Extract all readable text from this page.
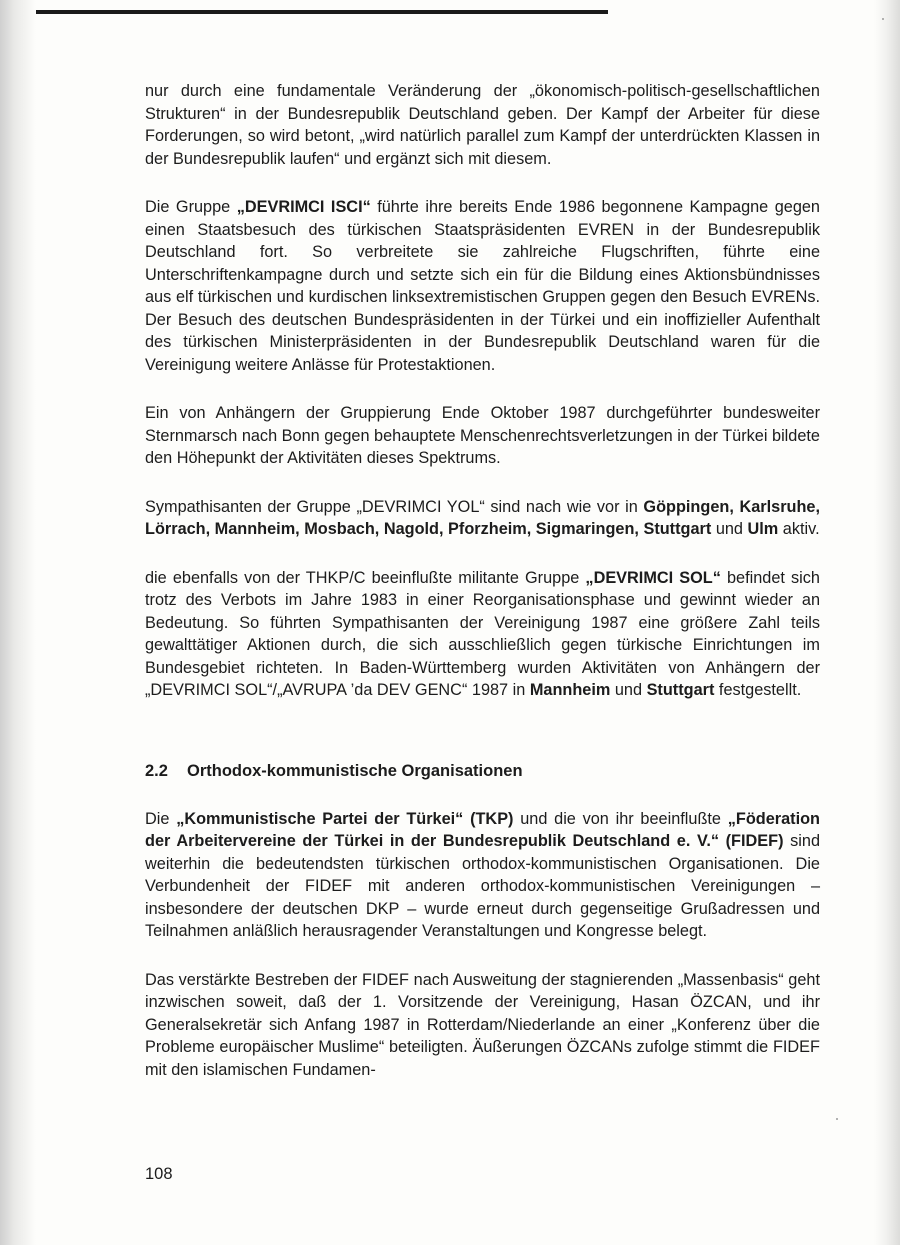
nur durch eine fundamentale Veränderung der „ökonomisch-politisch-gesellschaftlichen Strukturen“ in der Bundesrepublik Deutschland geben. Der Kampf der Arbeiter für diese Forderungen, so wird betont, „wird natürlich parallel zum Kampf der unterdrückten Klassen in der Bundesrepublik laufen“ und ergänzt sich mit diesem.

Die Gruppe „DEVRIMCI ISCI“ führte ihre bereits Ende 1986 begonnene Kampagne gegen einen Staatsbesuch des türkischen Staatspräsidenten EVREN in der Bundesrepublik Deutschland fort. So verbreitete sie zahlreiche Flugschriften, führte eine Unterschriftenkampagne durch und setzte sich ein für die Bildung eines Aktionsbündnisses aus elf türkischen und kurdischen linksextremistischen Gruppen gegen den Besuch EVRENs. Der Besuch des deutschen Bundespräsidenten in der Türkei und ein inoffizieller Aufenthalt des türkischen Ministerpräsidenten in der Bundesrepublik Deutschland waren für die Vereinigung weitere Anlässe für Protestaktionen.

Ein von Anhängern der Gruppierung Ende Oktober 1987 durchgeführter bundesweiter Sternmarsch nach Bonn gegen behauptete Menschenrechtsverletzungen in der Türkei bildete den Höhepunkt der Aktivitäten dieses Spektrums.

Sympathisanten der Gruppe „DEVRIMCI YOL“ sind nach wie vor in Göppingen, Karlsruhe, Lörrach, Mannheim, Mosbach, Nagold, Pforzheim, Sigmaringen, Stuttgart und Ulm aktiv.

die ebenfalls von der THKP/C beeinflußte militante Gruppe „DEVRIMCI SOL“ befindet sich trotz des Verbots im Jahre 1983 in einer Reorganisationsphase und gewinnt wieder an Bedeutung. So führten Sympathisanten der Vereinigung 1987 eine größere Zahl teils gewalttätiger Aktionen durch, die sich ausschließlich gegen türkische Einrichtungen im Bundesgebiet richteten. In Baden-Württemberg wurden Aktivitäten von Anhängern der „DEVRIMCI SOL“/„AVRUPA ’da DEV GENC“ 1987 in Mannheim und Stuttgart festgestellt.

2.2 Orthodox-kommunistische Organisationen

Die „Kommunistische Partei der Türkei“ (TKP) und die von ihr beeinflußte „Föderation der Arbeitervereine der Türkei in der Bundesrepublik Deutschland e. V.“ (FIDEF) sind weiterhin die bedeutendsten türkischen orthodox-kommunistischen Organisationen. Die Verbundenheit der FIDEF mit anderen orthodox-kommunistischen Vereinigungen – insbesondere der deutschen DKP – wurde erneut durch gegenseitige Grußadressen und Teilnahmen anläßlich herausragender Veranstaltungen und Kongresse belegt.

Das verstärkte Bestreben der FIDEF nach Ausweitung der stagnierenden „Massenbasis“ geht inzwischen soweit, daß der 1. Vorsitzende der Vereinigung, Hasan ÖZCAN, und ihr Generalsekretär sich Anfang 1987 in Rotterdam/Niederlande an einer „Konferenz über die Probleme europäischer Muslime“ beteiligten. Äußerungen ÖZCANs zufolge stimmt die FIDEF mit den islamischen Fundamen-

108
